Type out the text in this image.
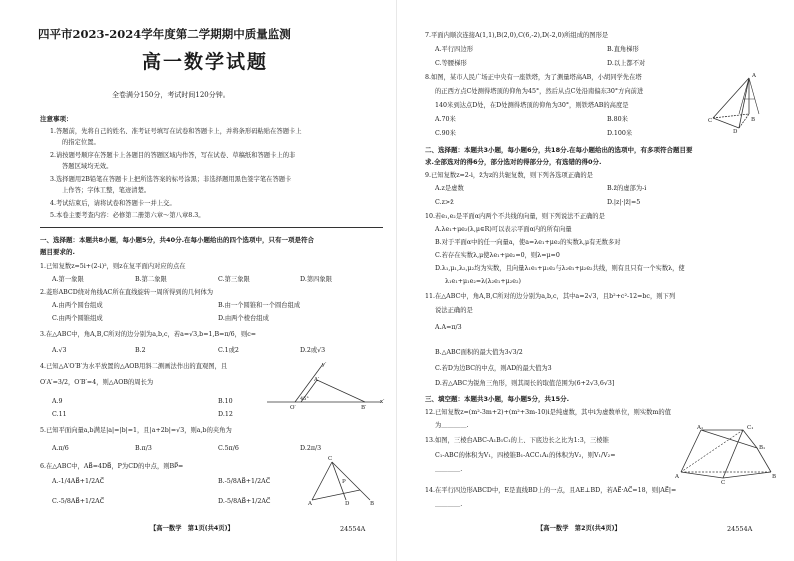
四平市2023-2024学年度第二学期期中质量监测
高一数学试题
全卷满分150分，考试时间120分钟。
注意事项：
1.答题前，先将自己的姓名、准考证号填写在试卷和答题卡上，并将条形码粘贴在答题卡上
的指定位置。
2.请按题号顺序在答题卡上各题目的答题区域内作答，写在试卷、草稿纸和答题卡上的非
答题区域均无效。
3.选择题用2B铅笔在答题卡上把所选答案的标号涂黑；非选择题用黑色签字笔在答题卡
上作答；字体工整，笔迹清楚。
4.考试结束后，请将试卷和答题卡一并上交。
5.本卷主要考查内容：必修第二册第六章～第八章8.3。
一、选择题：本题共8小题，每小题5分，共40分.在每小题给出的四个选项中，只有一项是符合
题目要求的.
1.已知复数z=5i+(2-i)²，则z在复平面内对应的点在
A.第一象限	B.第二象限	C.第三象限	D.第四象限
2.菱形ABCD绕对角线AC所在直线旋转一周所得到的几何体为
A.由两个圆台组成	B.由一个圆锥和一个圆台组成
C.由两个圆锥组成	D.由两个棱台组成
3.在△ABC中，角A,B,C所对的边分别为a,b,c，若a=√3,b=1,B=π/6，则c=
A.√3	B.2	C.1或2	D.2或√3
4.已知△A′O′B′为水平放置的△AOB用斜二测画法作出的直观图，且
O′A′=3/2，O′B′=4，则△AOB的周长为
A.9	B.10
C.11	D.12
y′
O′
A′
B′
x′
45°
5.已知平面向量a,b满足|a|=|b|=1，且|a+2b|=√3，则a,b的夹角为
A.π/6	B.π/3	C.5π/6	D.2π/3
6.在△ABC中，AB⃗=4DB⃗，P为CD的中点，则BP⃗=
A.-1/4AB⃗+1/2AC⃗	B.-5/8AB⃗+1/2AC⃗
C.-5/8AB⃗+1/2AC⃗	D.-5/8AB⃗+1/2AC⃗
C
A	D	B
P
【高一数学　第1页(共4页)】	24554A
7.平面内顺次连接A(1,1),B(2,0),C(6,-2),D(-2,0)所组成的图形是
A.平行四边形	B.直角梯形
C.等腰梯形	D.以上都不对
8.如图，某市人民广场正中央有一座铁塔，为了测量塔高AB，小胡同学先在塔
的正西方点C处测得塔顶的仰角为45°，然后从点C处沿南偏东30°方向前进
140米到达点D处，在D处测得塔顶的仰角为30°，则铁塔AB的高度是
A.70米	B.80米
C.90米	D.100米
A
B
C
D
二、选择题：本题共3小题，每小题6分，共18分.在每小题给出的选项中，有多项符合题目要
求.全部选对的得6分，部分选对的得部分分，有选错的得0分.
9.已知复数z=2-i，z̄为z的共轭复数，则下列各选项正确的是
A.z是虚数	B.z̄的虚部为-i
C.z>z̄	D.|z|·|z̄|=5
10.若e₁,e₂是平面α内两个不共线的向量，则下列说法不正确的是
A.λe₁+μe₂(λ,μ∈R)可以表示平面α内的所有向量
B.对于平面α中的任一向量a，使a=λe₁+μe₂的实数λ,μ有无数多对
C.若存在实数λ,μ使λe₁+μe₂=0，则λ=μ=0
D.λ₁,μ₁,λ₂,μ₂均为实数，且向量λ₁e₁+μ₁e₂与λ₂e₁+μ₂e₂共线，则有且只有一个实数λ，使
λ₁e₁+μ₁e₂=λ(λ₂e₁+μ₂e₂)
11.在△ABC中，角A,B,C所对的边分别为a,b,c，其中a=2√3，且b²+c²-12=bc，则下列
说法正确的是
A.A=π/3
B.△ABC面积的最大值为3√3/2
C.若D为边BC的中点，则AD的最大值为3
D.若△ABC为锐角三角形，则其周长的取值范围为(6+2√3,6√3]
三、填空题：本题共3小题，每小题5分，共15分.
12.已知复数z=(m²-3m+2)+(m²+3m-10)i是纯虚数，其中i为虚数单位，则实数m的值
为＿＿＿＿.
13.如图，三棱台ABC-A₁B₁C₁的上、下底边长之比为1:3，三棱锥
C₁-ABC的体积为V₁，四棱锥B₁-ACC₁A₁的体积为V₂，则V₁/V₂=
＿＿＿＿.
A₁	C₁
B₁
A
C
B
14.在平行四边形ABCD中，E是直线BD上的一点，且AE⊥BD，若AE⃗·AC⃗=18，则|AE⃗|=
＿＿＿＿.
【高一数学　第2页(共4页)】	24554A
